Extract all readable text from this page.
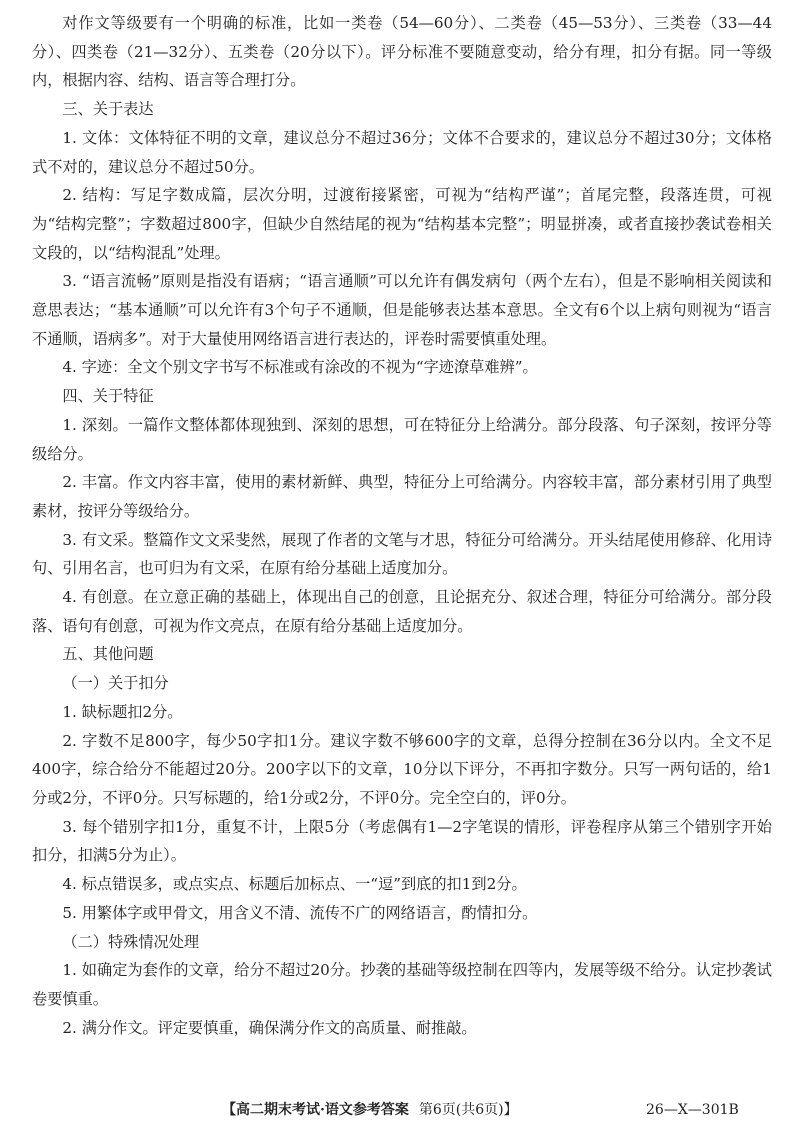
对作文等级要有一个明确的标准，比如一类卷（54—60分）、二类卷（45—53分）、三类卷（33—44分）、四类卷（21—32分）、五类卷（20分以下）。评分标准不要随意变动，给分有理，扣分有据。同一等级内，根据内容、结构、语言等合理打分。

三、关于表达

1. 文体：文体特征不明的文章，建议总分不超过36分；文体不合要求的，建议总分不超过30分；文体格式不对的，建议总分不超过50分。

2. 结构：写足字数成篇，层次分明，过渡衔接紧密，可视为“结构严谨”；首尾完整，段落连贯，可视为“结构完整”；字数超过800字，但缺少自然结尾的视为“结构基本完整”；明显拼凑，或者直接抄袭试卷相关文段的，以“结构混乱”处理。

3. “语言流畅”原则是指没有语病；“语言通顺”可以允许有偶发病句（两个左右），但是不影响相关阅读和意思表达；“基本通顺”可以允许有3个句子不通顺，但是能够表达基本意思。全文有6个以上病句则视为“语言不通顺，语病多”。对于大量使用网络语言进行表达的，评卷时需要慎重处理。

4. 字迹：全文个别文字书写不标准或有涂改的不视为“字迹潦草难辨”。

四、关于特征

1. 深刻。一篇作文整体都体现独到、深刻的思想，可在特征分上给满分。部分段落、句子深刻，按评分等级给分。

2. 丰富。作文内容丰富，使用的素材新鲜、典型，特征分上可给满分。内容较丰富，部分素材引用了典型素材，按评分等级给分。

3. 有文采。整篇作文文采斐然，展现了作者的文笔与才思，特征分可给满分。开头结尾使用修辞、化用诗句、引用名言，也可归为有文采，在原有给分基础上适度加分。

4. 有创意。在立意正确的基础上，体现出自己的创意，且论据充分、叙述合理，特征分可给满分。部分段落、语句有创意，可视为作文亮点，在原有给分基础上适度加分。

五、其他问题

（一）关于扣分

1. 缺标题扣2分。

2. 字数不足800字，每少50字扣1分。建议字数不够600字的文章，总得分控制在36分以内。全文不足400字，综合给分不能超过20分。200字以下的文章，10分以下评分，不再扣字数分。只写一两句话的，给1分或2分，不评0分。只写标题的，给1分或2分，不评0分。完全空白的，评0分。

3. 每个错别字扣1分，重复不计，上限5分（考虑偶有1—2字笔误的情形，评卷程序从第三个错别字开始扣分，扣满5分为止）。

4. 标点错误多，或点实点、标题后加标点、一“逗”到底的扣1到2分。

5. 用繁体字或甲骨文，用含义不清、流传不广的网络语言，酌情扣分。

（二）特殊情况处理

1. 如确定为套作的文章，给分不超过20分。抄袭的基础等级控制在四等内，发展等级不给分。认定抄袭试卷要慎重。

2. 满分作文。评定要慎重，确保满分作文的高质量、耐推敲。

【高二期末考试·语文参考答案 第6页(共6页)】	26—X—301B
